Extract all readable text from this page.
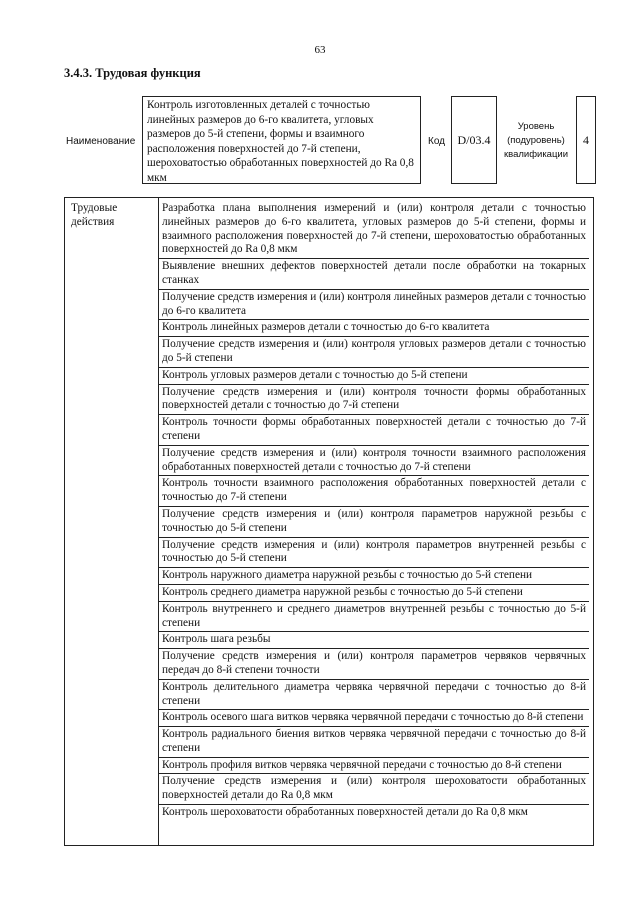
63
3.4.3. Трудовая функция
Наименование
Контроль изготовленных деталей с точностью линейных размеров до 6-го квалитета, угловых размеров до 5-й степени, формы и взаимного расположения поверхностей до 7-й степени, шероховатостью обработанных поверхностей до Ra 0,8 мкм
Код D/03.4
Уровень
(подуровень)
квалификации
4
Трудовые действия
Разработка плана выполнения измерений и (или) контроля детали с точностью линейных размеров до 6-го квалитета, угловых размеров до 5-й степени, формы и взаимного расположения поверхностей до 7-й степени, шероховатостью обработанных поверхностей до Ra 0,8 мкм
Выявление внешних дефектов поверхностей детали после обработки на токарных станках
Получение средств измерения и (или) контроля линейных размеров детали с точностью до 6-го квалитета
Контроль линейных размеров детали с точностью до 6-го квалитета
Получение средств измерения и (или) контроля угловых размеров детали с точностью до 5-й степени
Контроль угловых размеров детали с точностью до 5-й степени
Получение средств измерения и (или) контроля точности формы обработанных поверхностей детали с точностью до 7-й степени
Контроль точности формы обработанных поверхностей детали с точностью до 7-й степени
Получение средств измерения и (или) контроля точности взаимного расположения обработанных поверхностей детали с точностью до 7-й степени
Контроль точности взаимного расположения обработанных поверхностей детали с точностью до 7-й степени
Получение средств измерения и (или) контроля параметров наружной резьбы с точностью до 5-й степени
Получение средств измерения и (или) контроля параметров внутренней резьбы с точностью до 5-й степени
Контроль наружного диаметра наружной резьбы с точностью до 5-й степени
Контроль среднего диаметра наружной резьбы с точностью до 5-й степени
Контроль внутреннего и среднего диаметров внутренней резьбы с точностью до 5-й степени
Контроль шага резьбы
Получение средств измерения и (или) контроля параметров червяков червячных передач до 8-й степени точности
Контроль делительного диаметра червяка червячной передачи с точностью до 8-й степени
Контроль осевого шага витков червяка червячной передачи с точностью до 8-й степени
Контроль радиального биения витков червяка червячной передачи с точностью до 8-й степени
Контроль профиля витков червяка червячной передачи с точностью до 8-й степени
Получение средств измерения и (или) контроля шероховатости обработанных поверхностей детали до Ra 0,8 мкм
Контроль шероховатости обработанных поверхностей детали до Ra 0,8 мкм
